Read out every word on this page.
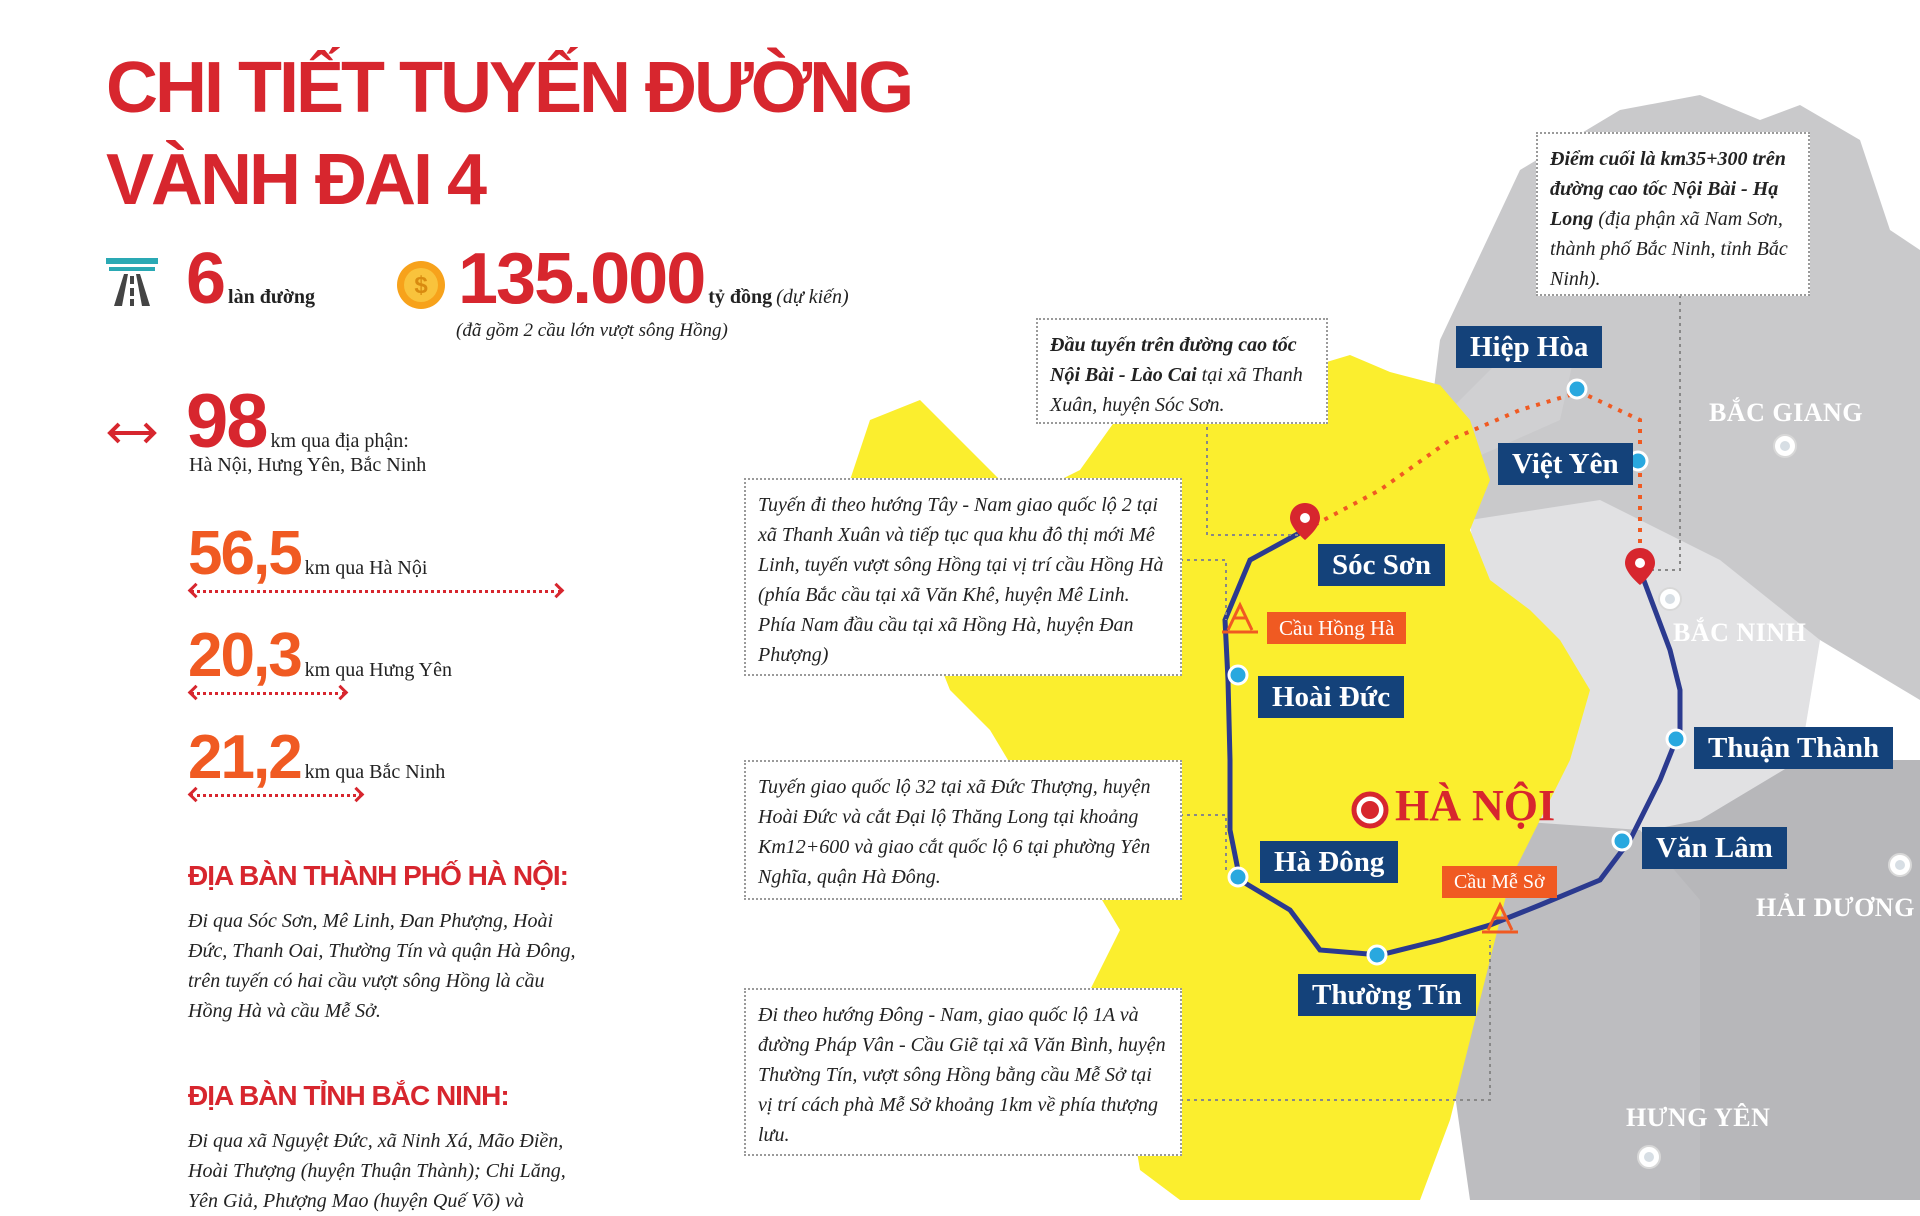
CHI TIẾT TUYẾN ĐƯỜNG
VÀNH ĐAI 4
6 làn đường	$ 135.000 tỷ đồng (dự kiến)
(đã gồm 2 cầu lớn vượt sông Hồng)
98 km qua địa phận:
Hà Nội, Hưng Yên, Bắc Ninh
56,5 km qua Hà Nội
20,3 km qua Hưng Yên
21,2 km qua Bắc Ninh
ĐỊA BÀN THÀNH PHỐ HÀ NỘI:
Đi qua Sóc Sơn, Mê Linh, Đan Phượng, Hoài
Đức, Thanh Oai, Thường Tín và quận Hà Đông,
trên tuyến có hai cầu vượt sông Hồng là cầu
Hồng Hà và cầu Mễ Sở.
ĐỊA BÀN TỈNH BẮC NINH:
Đi qua xã Nguyệt Đức, xã Ninh Xá, Mão Điền,
Hoài Thượng (huyện Thuận Thành); Chi Lăng,
Yên Giả, Phượng Mao (huyện Quế Võ) và
Điểm cuối là km35+300 trên đường cao tốc Nội Bài - Hạ Long (địa phận xã Nam Sơn, thành phố Bắc Ninh, tỉnh Bắc Ninh).
Đầu tuyến trên đường cao tốc Nội Bài - Lào Cai tại xã Thanh Xuân, huyện Sóc Sơn.
Tuyến đi theo hướng Tây - Nam giao quốc lộ 2 tại xã Thanh Xuân và tiếp tục qua khu đô thị mới Mê Linh, tuyến vượt sông Hồng tại vị trí cầu Hồng Hà (phía Bắc cầu tại xã Văn Khê, huyện Mê Linh. Phía Nam đầu cầu tại xã Hồng Hà, huyện Đan Phượng)
Tuyến giao quốc lộ 32 tại xã Đức Thượng, huyện Hoài Đức và cắt Đại lộ Thăng Long tại khoảng Km12+600 và giao cắt quốc lộ 6 tại phường Yên Nghĩa, quận Hà Đông.
Đi theo hướng Đông - Nam, giao quốc lộ 1A và đường Pháp Vân - Cầu Giẽ tại xã Văn Bình, huyện Thường Tín, vượt sông Hồng bằng cầu Mễ Sở tại vị trí cách phà Mễ Sở khoảng 1km về phía thượng lưu.
Hiệp Hòa
Việt Yên
Sóc Sơn
Hoài Đức
Hà Đông
Thường Tín
Thuận Thành
Văn Lâm
Cầu Hồng Hà
Cầu Mễ Sở
HÀ NỘI
BẮC GIANG
BẮC NINH
HẢI DƯƠNG
HƯNG YÊN
